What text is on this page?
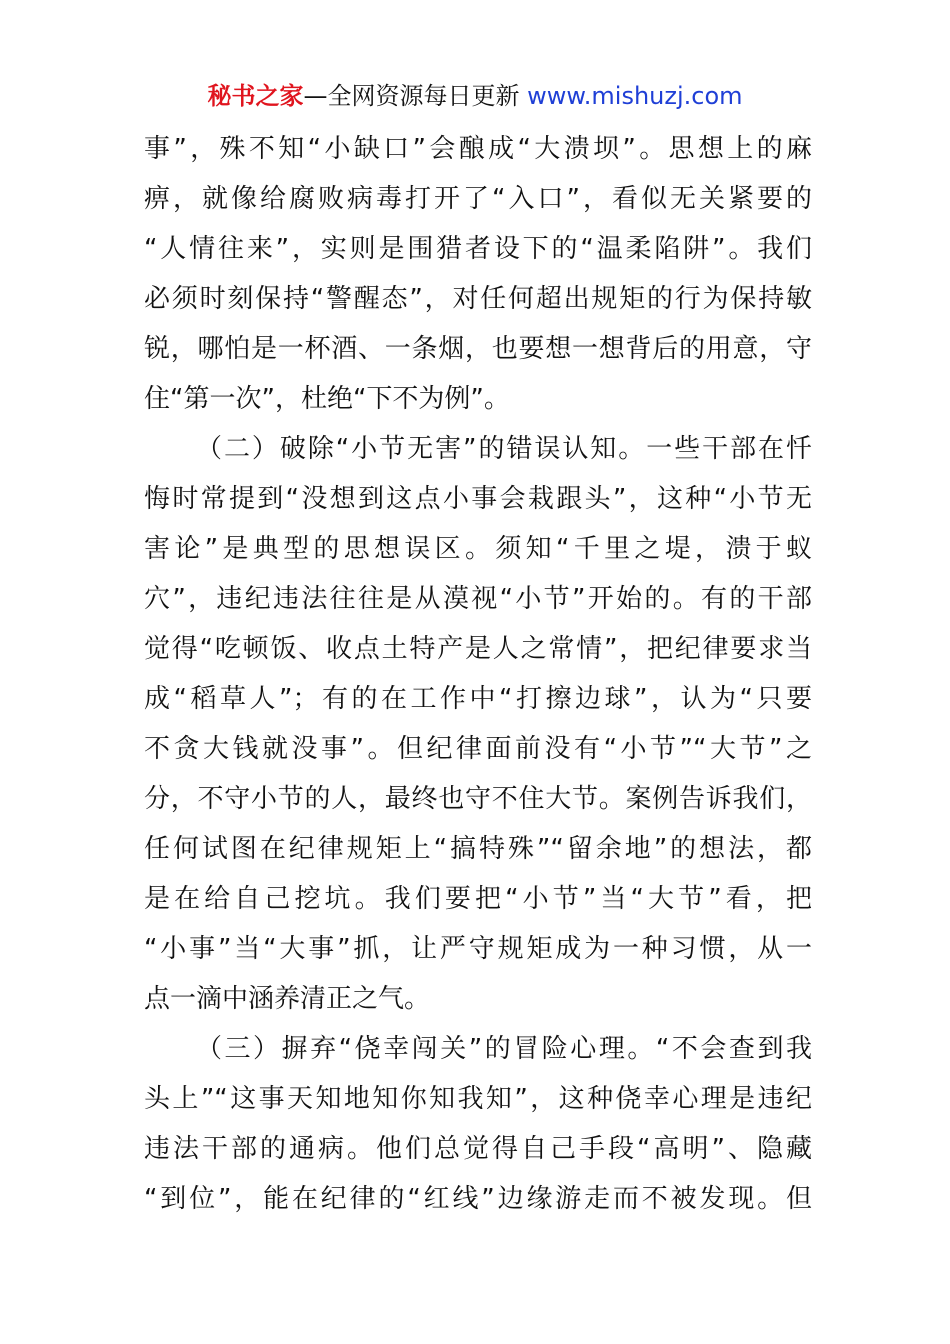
秘书之家—全网资源每日更新 www.mishuzj.com
事”，殊不知“小缺口”会酿成“大溃坝”。思想上的麻
痹，就像给腐败病毒打开了“入口”，看似无关紧要的
“人情往来”，实则是围猎者设下的“温柔陷阱”。我们
必须时刻保持“警醒态”，对任何超出规矩的行为保持敏
锐，哪怕是一杯酒、一条烟，也要想一想背后的用意，守
住“第一次”，杜绝“下不为例”。
（二）破除“小节无害”的错误认知。一些干部在忏
悔时常提到“没想到这点小事会栽跟头”，这种“小节无
害论”是典型的思想误区。须知“千里之堤，溃于蚁
穴”，违纪违法往往是从漠视“小节”开始的。有的干部
觉得“吃顿饭、收点土特产是人之常情”，把纪律要求当
成“稻草人”；有的在工作中“打擦边球”，认为“只要
不贪大钱就没事”。但纪律面前没有“小节”“大节”之
分，不守小节的人，最终也守不住大节。案例告诉我们，
任何试图在纪律规矩上“搞特殊”“留余地”的想法，都
是在给自己挖坑。我们要把“小节”当“大节”看，把
“小事”当“大事”抓，让严守规矩成为一种习惯，从一
点一滴中涵养清正之气。
（三）摒弃“侥幸闯关”的冒险心理。“不会查到我
头上”“这事天知地知你知我知”，这种侥幸心理是违纪
违法干部的通病。他们总觉得自己手段“高明”、隐藏
“到位”，能在纪律的“红线”边缘游走而不被发现。但
